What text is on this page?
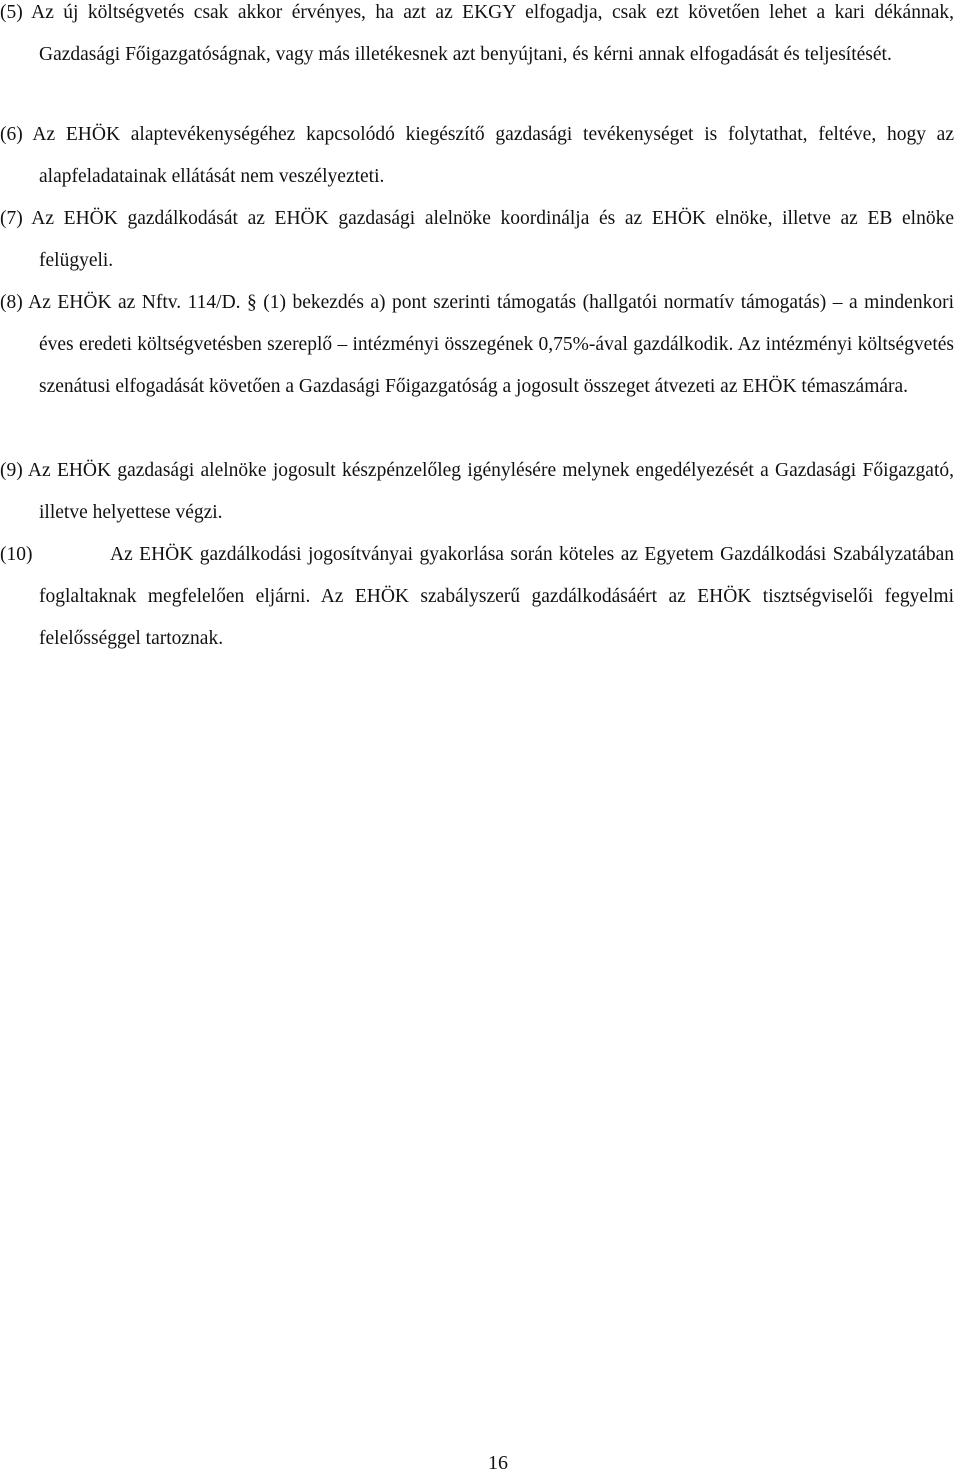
(5) Az új költségvetés csak akkor érvényes, ha azt az EKGY elfogadja, csak ezt követően lehet a kari dékánnak, Gazdasági Főigazgatóságnak, vagy más illetékesnek azt benyújtani, és kérni annak elfogadását és teljesítését.

(6) Az EHÖK alaptevékenységéhez kapcsolódó kiegészítő gazdasági tevékenységet is folytathat, feltéve, hogy az alapfeladatainak ellátását nem veszélyezteti.

(7) Az EHÖK gazdálkodását az EHÖK gazdasági alelnöke koordinálja és az EHÖK elnöke, illetve az EB elnöke felügyeli.

(8) Az EHÖK az Nftv. 114/D. § (1) bekezdés a) pont szerinti támogatás (hallgatói normatív támogatás) – a mindenkori éves eredeti költségvetésben szereplő – intézményi összegének 0,75%-ával gazdálkodik. Az intézményi költségvetés szenátusi elfogadását követően a Gazdasági Főigazgatóság a jogosult összeget átvezeti az EHÖK témaszámára.

(9) Az EHÖK gazdasági alelnöke jogosult készpénzelőleg igénylésére melynek engedélyezését a Gazdasági Főigazgató, illetve helyettese végzi.

(10)	Az EHÖK gazdálkodási jogosítványai gyakorlása során köteles az Egyetem Gazdálkodási Szabályzatában foglaltaknak megfelelően eljárni. Az EHÖK szabályszerű gazdálkodásáért az EHÖK tisztségviselői fegyelmi felelősséggel tartoznak.

16
